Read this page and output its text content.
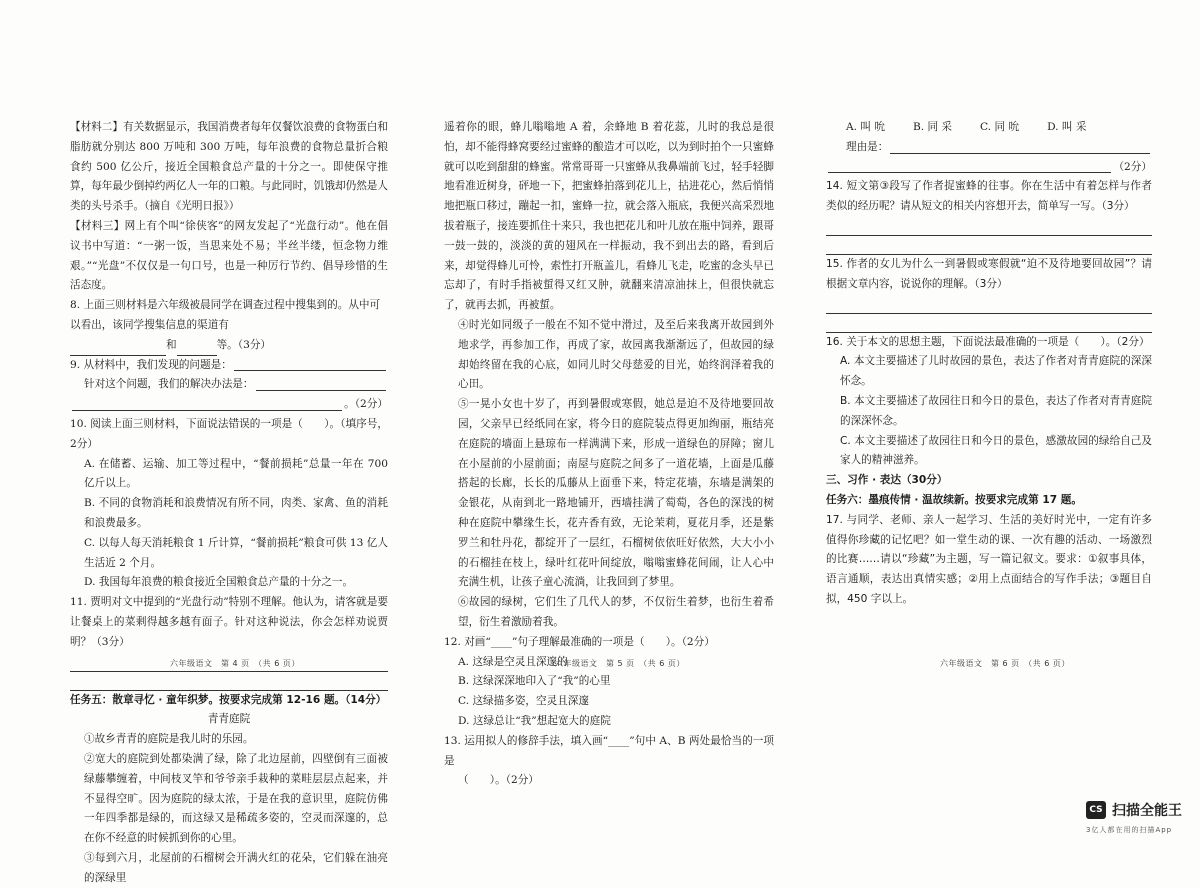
【材料二】有关数据显示，我国消费者每年仅餐饮浪费的食物蛋白和脂肪就分别达 800 万吨和 300 万吨，每年浪费的食物总量折合粮食约 500 亿公斤，接近全国粮食总产量的十分之一。即使保守推算，每年最少倒掉约两亿人一年的口粮。与此同时，饥饿却仍然是人类的头号杀手。（摘自《光明日报》）

【材料三】网上有个叫“徐侠客”的网友发起了“光盘行动”。他在倡议书中写道：“一粥一饭，当思来处不易；半丝半缕，恒念物力维艰。”“光盘”不仅仅是一句口号，也是一种厉行节约、倡导珍惜的生活态度。

8. 上面三则材料是六年级被晨同学在调查过程中搜集到的。从中可以看出，该同学搜集信息的渠道有
和	等。（3分）
9. 从材料中，我们发现的问题是：
针对这个问题，我们的解决办法是：
。（2分）

10. 阅读上面三则材料，下面说法错误的一项是（　　）。（填序号，2分）

A. 在储蓄、运输、加工等过程中，“餐前损耗”总量一年在 700 亿斤以上。

B. 不同的食物消耗和浪费情况有所不同，肉类、家禽、鱼的消耗和浪费最多。

C. 以每人每天消耗粮食 1 斤计算，“餐前损耗”粮食可供 13 亿人生活近 2 个月。

D. 我国每年浪费的粮食接近全国粮食总产量的十分之一。

11. 贾明对文中提到的“光盘行动”特别不理解。他认为，请客就是要让餐桌上的菜剩得越多越有面子。针对这种说法，你会怎样劝说贾明？（3分）

任务五：散章寻忆 · 童年织梦。按要求完成第 12-16 题。（14分）

青青庭院

①故乡青青的庭院是我儿时的乐园。

②宽大的庭院到处都染满了绿，除了北边屋前，四壁倒有三面被绿藤攀缠着，中间枝叉竿和爷爷亲手栽种的菜畦层层点起来，并不显得空旷。因为庭院的绿太浓，于是在我的意识里，庭院仿佛一年四季都是绿的，而这绿又是稀疏多姿的，空灵而深邃的，总在你不经意的时候抓到你的心里。

③每到六月，北屋前的石榴树会开满火红的花朵，它们躲在油亮的深绿里

遥着你的眼，蜂儿嗡嗡地 A 着，余蜂地 B 着花蕊，儿时的我总是很怕，却不能得蜂窝要经过蜜蜂的酿造才可以吃，以为到时拍个一只蜜蜂就可以吃到甜甜的蜂蜜。常常哥哥一只蜜蜂从我鼻端前飞过，轻手轻脚地看准近树身，砰地一下，把蜜蜂拍落到花儿上，拈进花心，然后悄悄地把瓶口移过，蹦起一扣，蜜蜂一拉，就会落入瓶底，我便兴高采烈地拔着瓶子，接连要抓住十来只，我也把花儿和叶儿放在瓶中饲养，跟哥一鼓一鼓的，淡淡的黄的翅风在一样振动，我不到出去的路，看到后来，却觉得蜂儿可怜，索性打开瓶盖儿，看蜂儿飞走，吃蜜的念头早已忘却了，有时手指被蜇得又红又肿，就翻来清凉油抹上，但很快就忘了，就再去抓，再被蜇。

④时光如同级子一般在不知不觉中滑过，及至后来我离开故园到外地求学，再参加工作，再成了家，故园离我渐渐远了，但故园的绿却始终留在我的心底，如同儿时父母慈爱的目光，始终润泽着我的心田。

⑤一晃小女也十岁了，再到暑假或寒假，她总是迫不及待地要回故园，父亲早已经纸同在家，将今日的庭院装点得更加绚丽，瓶结亮在庭院的墙面上悬琼布一样满满下来，形成一道绿色的屏障；窗儿在小屋前的小屋前面；南屋与庭院之间多了一道花墙，上面是瓜藤搭起的长廊，长长的瓜藤从上面垂下来，特定花墙，东墙是满架的金银花，从南到北一路地铺开，西墙挂满了萄萄，各色的深浅的树种在庭院中攀缘生长，花卉香有致，无论茉莉，夏花月季，还是紫罗兰和牡丹花，都绽开了一层红，石榴树依依旺好依然，大大小小的石榴挂在枝上，绿叶红花叶间绽放，嗡嗡蜜蜂花间闹，让人心中充满生机，让孩子童心流淌，让我回到了梦里。

⑥故园的绿树，它们生了几代人的梦，不仅衍生着梦，也衍生着希望，衍生着激励着我。

12. 对画“____”句子理解最准确的一项是（　　）。（2分）

A. 这绿是空灵且深邃的

B. 这绿深深地印入了“我”的心里

C. 这绿描多姿，空灵且深邃

D. 这绿总让“我”想起宽大的庭院

13. 运用拟人的修辞手法，填入画“____”句中 A、B 两处最恰当的一项是

（　　）。（2分）

A. 叫 吮	B. 同 采	C. 同 吮	D. 叫 采
理由是：
（2分）

14. 短文第③段写了作者捉蜜蜂的往事。你在生活中有着怎样与作者类似的经历呢？请从短文的相关内容想开去，简单写一写。（3分）

15. 作者的女儿为什么一到暑假或寒假就“迫不及待地要回故园”？请根据文章内容，说说你的理解。（3分）

16. 关于本文的思想主题，下面说法最准确的一项是（　　）。（2分）

A. 本文主要描述了儿时故园的景色，表达了作者对青青庭院的深深怀念。

B. 本文主要描述了故园往日和今日的景色，表达了作者对青青庭院的深深怀念。

C. 本文主要描述了故园往日和今日的景色，感激故园的绿给自己及家人的精神滋养。

三、习作 · 表达（30分）

任务六：墨痕传情 · 温故续新。按要求完成第 17 题。

17. 与同学、老师、亲人一起学习、生活的美好时光中，一定有许多值得你珍藏的记忆吧？如一堂生动的课、一次有趣的活动、一场激烈的比赛……请以“珍藏”为主题，写一篇记叙文。要求：①叙事具体，语言通顺，表达出真情实感；②用上点面结合的写作手法；③题目自拟，450 字以上。

六年级语文　第 4 页　（共 6 页）	六年级语文　第 5 页　（共 6 页）	六年级语文　第 6 页　（共 6 页）
CS 扫描全能王
3亿人都在用的扫描App
